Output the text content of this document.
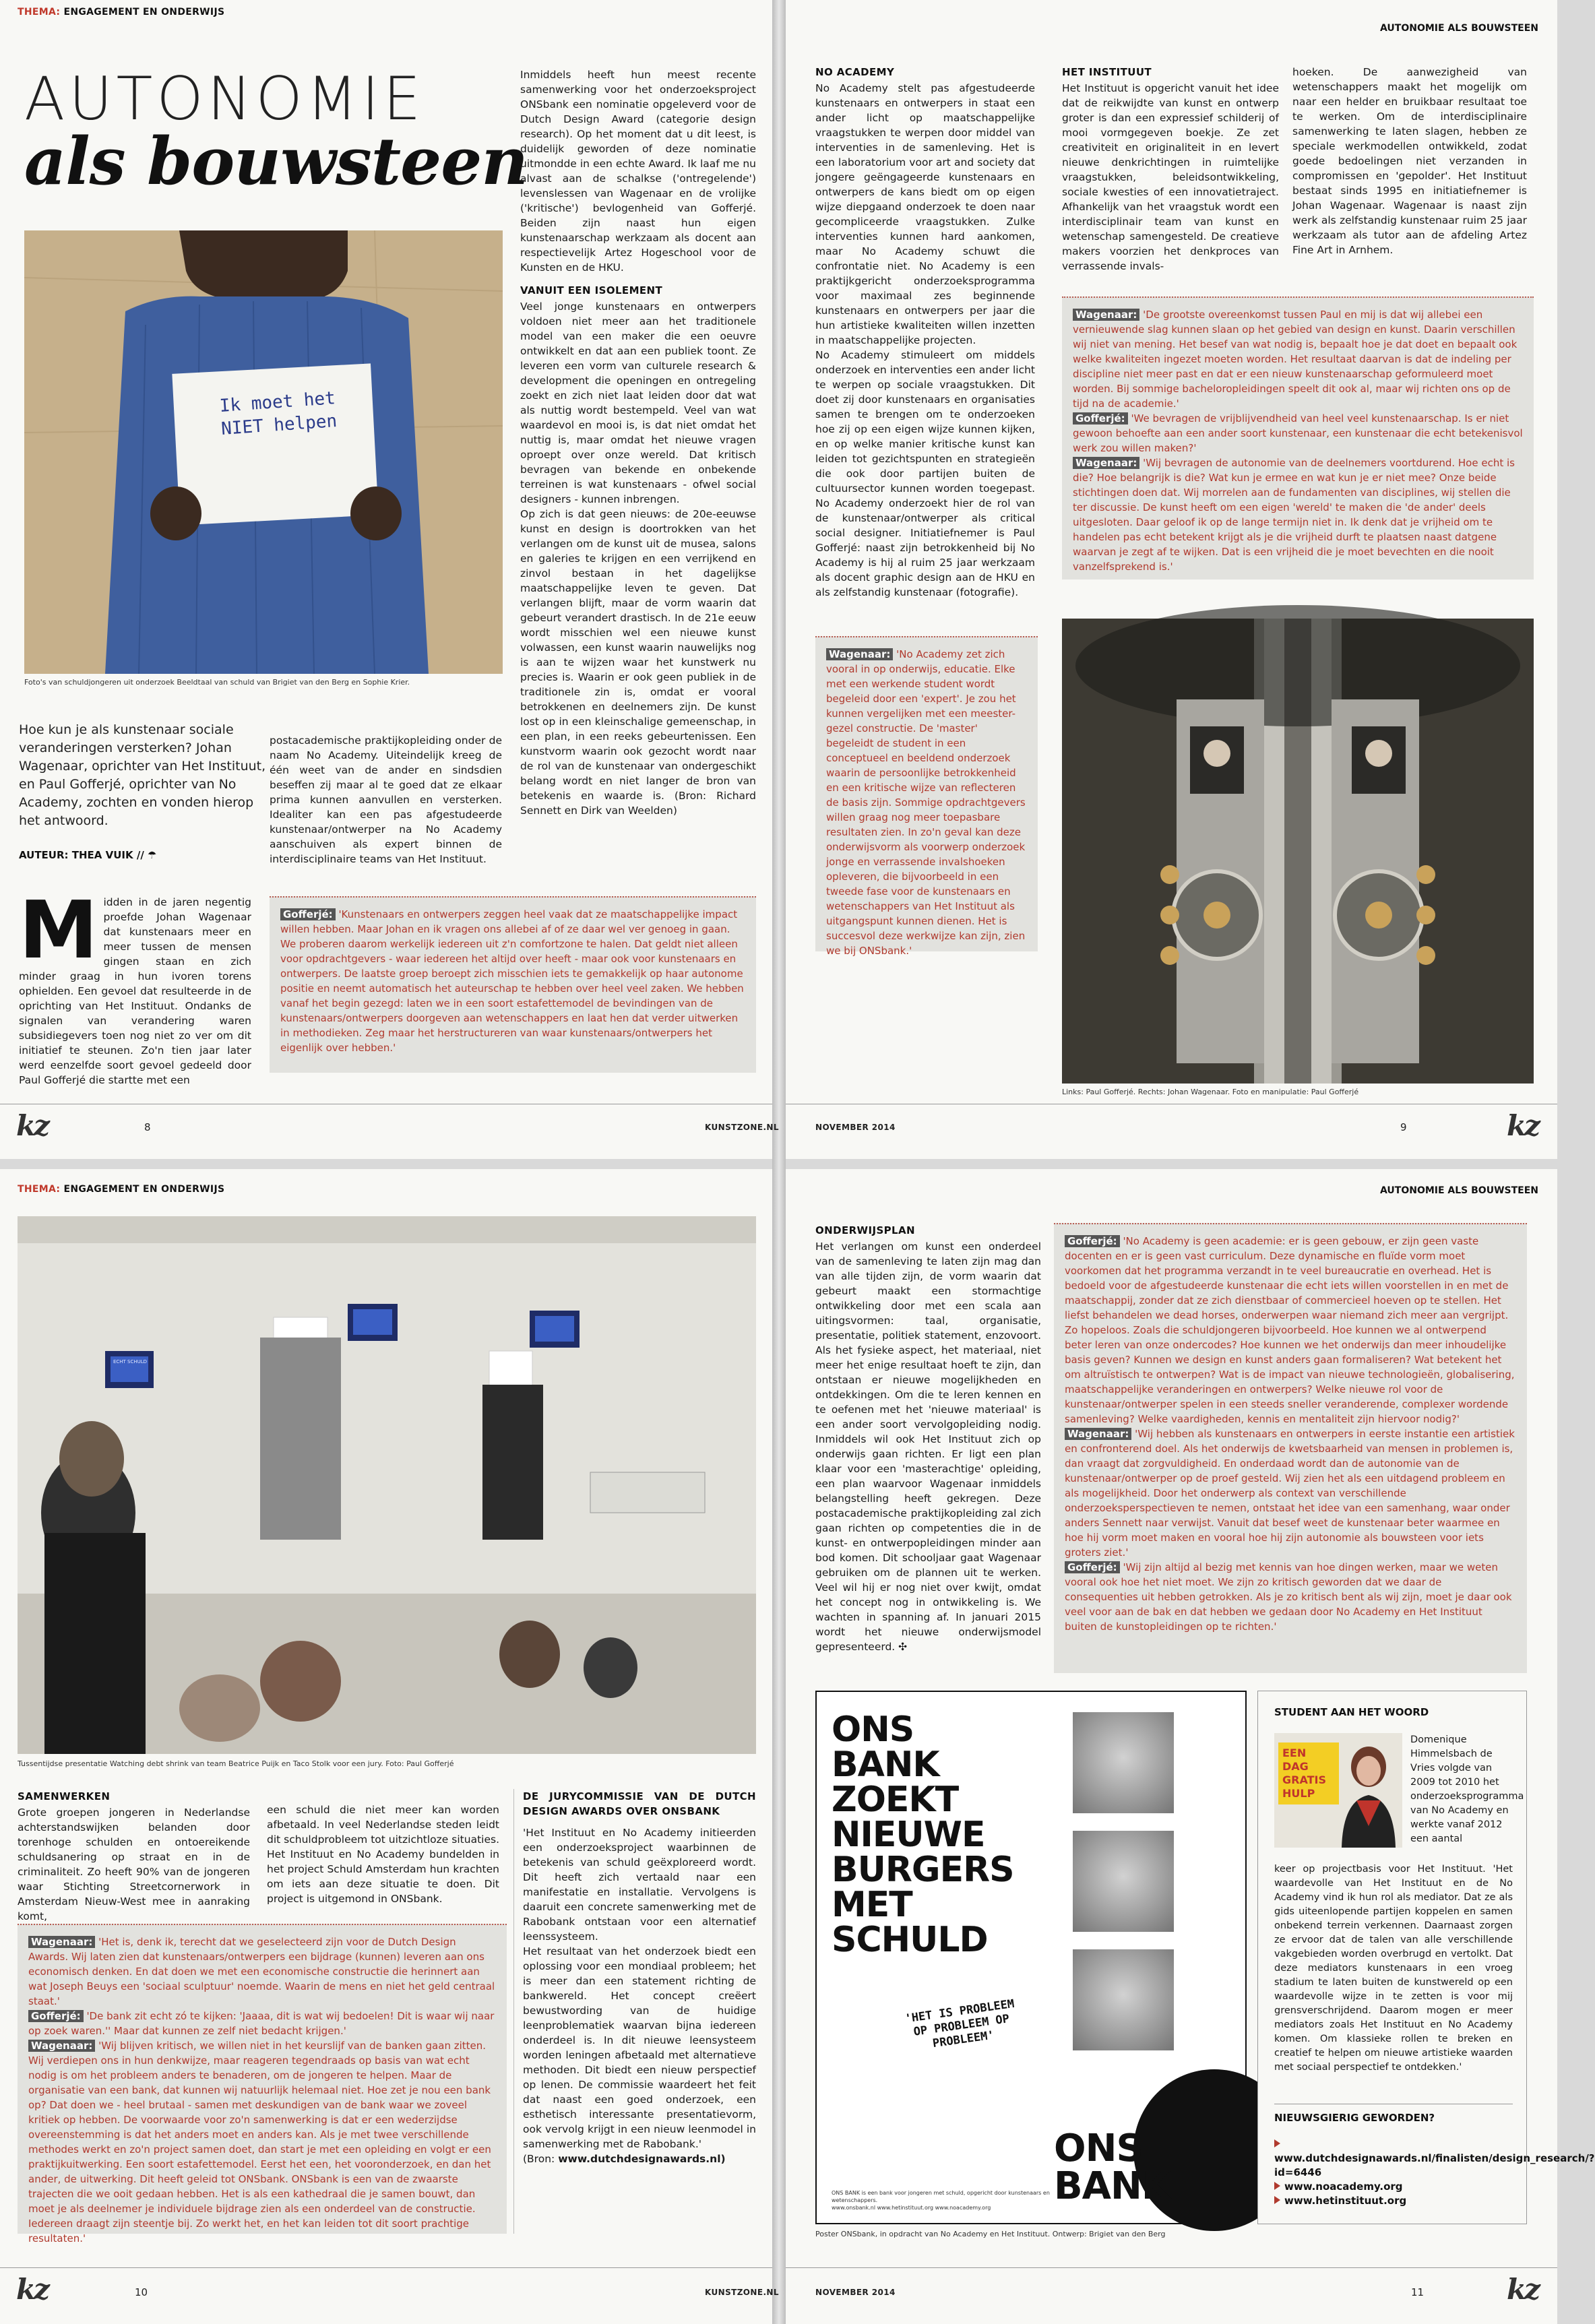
THEMA: ENGAGEMENT EN ONDERWIJS
AUTONOMIE
als bouwsteen
Ik moet het NIET helpen
Foto's van schuldjongeren uit onderzoek Beeldtaal van schuld van Brigiet van den Berg en Sophie Krier.
Hoe kun je als kunstenaar sociale veranderingen versterken? Johan Wagenaar, oprichter van Het Instituut, en Paul Gofferjé, oprichter van No Academy, zochten en vonden hierop het antwoord.
AUTEUR: THEA VUIK // ☂
Midden in de jaren negentig proefde Johan Wagenaar dat kunstenaars meer en meer tussen de mensen gingen staan en zich minder graag in hun ivoren torens ophielden. Een gevoel dat resulteerde in de oprichting van Het Instituut. Ondanks de signalen van verandering waren subsidiegevers toen nog niet zo ver om dit initiatief te steunen. Zo'n tien jaar later werd eenzelfde soort gevoel gedeeld door Paul Gofferjé die startte met een
postacademische praktijkopleiding onder de naam No Academy. Uiteindelijk kreeg de één weet van de ander en sindsdien beseffen zij maar al te goed dat ze elkaar prima kunnen aanvullen en versterken. Idealiter kan een pas afgestudeerde kunstenaar/ontwerper na No Academy aanschuiven als expert binnen de interdisciplinaire teams van Het Instituut.

Inmiddels heeft hun meest recente samenwerking voor het onderzoeksproject ONSbank een nominatie opgeleverd voor de Dutch Design Award (categorie design research). Op het moment dat u dit leest, is duidelijk geworden of deze nominatie uitmondde in een echte Award. Ik laaf me nu alvast aan de schalkse ('ontregelende') levenslessen van Wagenaar en de vrolijke ('kritische') bevlogenheid van Gofferjé. Beiden zijn naast hun eigen kunstenaarschap werkzaam als docent aan respectievelijk Artez Hogeschool voor de Kunsten en de HKU.

VANUIT EEN ISOLEMENT

Veel jonge kunstenaars en ontwerpers voldoen niet meer aan het traditionele model van een maker die een oeuvre ontwikkelt en dat aan een publiek toont. Ze leveren een vorm van culturele research & development die openingen en ontregeling zoekt en zich niet laat leiden door dat wat als nuttig wordt bestempeld. Veel van wat waardevol en mooi is, is dat niet omdat het nuttig is, maar omdat het nieuwe vragen oproept over onze wereld. Dat kritisch bevragen van bekende en onbekende terreinen is wat kunstenaars - ofwel social designers - kunnen inbrengen.

Op zich is dat geen nieuws: de 20e-eeuwse kunst en design is doortrokken van het verlangen om de kunst uit de musea, salons en galeries te krijgen en een verrijkend en zinvol bestaan in het dagelijkse maatschappelijke leven te geven. Dat verlangen blijft, maar de vorm waarin dat gebeurt verandert drastisch. In de 21e eeuw wordt misschien wel een nieuwe kunst volwassen, een kunst waarin nauwelijks nog is aan te wijzen waar het kunstwerk nu precies is. Waarin er ook geen publiek in de traditionele zin is, omdat er vooral betrokkenen en deelnemers zijn. De kunst lost op in een kleinschalige gemeenschap, in een plan, in een reeks gebeurtenissen. Een kunstvorm waarin ook gezocht wordt naar de rol van de kunstenaar van ondergeschikt belang wordt en niet langer de bron van betekenis en waarde is. (Bron: Richard Sennett en Dirk van Weelden)

Gofferjé: 'Kunstenaars en ontwerpers zeggen heel vaak dat ze maatschappelijke impact willen hebben. Maar Johan en ik vragen ons allebei af of ze daar wel ver genoeg in gaan. We proberen daarom werkelijk iedereen uit z'n comfortzone te halen. Dat geldt niet alleen voor opdrachtgevers - waar iedereen het altijd over heeft - maar ook voor kunstenaars en ontwerpers. De laatste groep beroept zich misschien iets te gemakkelijk op haar autonome positie en neemt automatisch het auteurschap te hebben over heel veel zaken. We hebben vanaf het begin gezegd: laten we in een soort estafettemodel de bevindingen van de kunstenaars/ontwerpers doorgeven aan wetenschappers en laat hen dat verder uitwerken in methodieken. Zeg maar het herstructureren van waar kunstenaars/ontwerpers het eigenlijk over hebben.'
kz	8	KUNSTZONE.NL
AUTONOMIE ALS BOUWSTEEN
NO ACADEMY

No Academy stelt pas afgestudeerde kunstenaars en ontwerpers in staat een ander licht op maatschappelijke vraagstukken te werpen door middel van interventies in de samenleving. Het is een laboratorium voor art and society dat jongere geëngageerde kunstenaars en ontwerpers de kans biedt om op eigen wijze diepgaand onderzoek te doen naar gecompliceerde vraagstukken. Zulke interventies kunnen hard aankomen, maar No Academy schuwt die confrontatie niet. No Academy is een praktijkgericht onderzoeksprogramma voor maximaal zes beginnende kunstenaars en ontwerpers per jaar die hun artistieke kwaliteiten willen inzetten in maatschappelijke projecten.

No Academy stimuleert om middels onderzoek en interventies een ander licht te werpen op sociale vraagstukken. Dit doet zij door kunstenaars en organisaties samen te brengen om te onderzoeken hoe zij op een eigen wijze kunnen kijken, en op welke manier kritische kunst kan leiden tot gezichtspunten en strategieën die ook door partijen buiten de cultuursector kunnen worden toegepast. No Academy onderzoekt hier de rol van de kunstenaar/ontwerper als critical social designer. Initiatiefnemer is Paul Gofferjé: naast zijn betrokkenheid bij No Academy is hij al ruim 25 jaar werkzaam als docent graphic design aan de HKU en als zelfstandig kunstenaar (fotografie).

HET INSTITUUT

Het Instituut is opgericht vanuit het idee dat de reikwijdte van kunst en ontwerp groter is dan een expressief schilderij of mooi vormgegeven boekje. Ze zet creativiteit en originaliteit in en levert nieuwe denkrichtingen in ruimtelijke vraagstukken, beleidsontwikkeling, sociale kwesties of een innovatietraject. Afhankelijk van het vraagstuk wordt een interdisciplinair team van kunst en wetenschap samengesteld. De creatieve makers voorzien het denkproces van verrassende invals-

hoeken. De aanwezigheid van wetenschappers maakt het mogelijk om naar een helder en bruikbaar resultaat toe te werken. Om de interdisciplinaire samenwerking te laten slagen, hebben ze speciale werkmodellen ontwikkeld, zodat goede bedoelingen niet verzanden in compromissen en 'gepolder'. Het Instituut bestaat sinds 1995 en initiatiefnemer is Johan Wagenaar. Wagenaar is naast zijn werk als zelfstandig kunstenaar ruim 25 jaar werkzaam als tutor aan de afdeling Artez Fine Art in Arnhem.
Wagenaar: 'De grootste overeenkomst tussen Paul en mij is dat wij allebei een vernieuwende slag kunnen slaan op het gebied van design en kunst. Daarin verschillen wij niet van mening. Het besef van wat nodig is, bepaalt hoe je dat doet en bepaalt ook welke kwaliteiten ingezet moeten worden. Het resultaat daarvan is dat de indeling per discipline niet meer past en dat er een nieuw kunstenaarschap geformuleerd moet worden. Bij sommige bacheloropleidingen speelt dit ook al, maar wij richten ons op de tijd na de academie.'
Gofferjé: 'We bevragen de vrijblijvendheid van heel veel kunstenaarschap. Is er niet gewoon behoefte aan een ander soort kunstenaar, een kunstenaar die echt betekenisvol werk zou willen maken?'
Wagenaar: 'Wij bevragen de autonomie van de deelnemers voortdurend. Hoe echt is die? Hoe belangrijk is die? Wat kun je ermee en wat kun je er niet mee? Onze beide stichtingen doen dat. Wij morrelen aan de fundamenten van disciplines, wij stellen die ter discussie. De kunst heeft om een eigen 'wereld' te maken die 'de ander' deels uitgesloten. Daar geloof ik op de lange termijn niet in. Ik denk dat je vrijheid om te handelen pas echt betekent krijgt als je die vrijheid durft te plaatsen naast datgene waarvan je zegt af te wijken. Dat is een vrijheid die je moet bevechten en die nooit vanzelfsprekend is.'
Wagenaar: 'No Academy zet zich vooral in op onderwijs, educatie. Elke met een werkende student wordt begeleid door een 'expert'. Je zou het kunnen vergelijken met een meester-gezel constructie. De 'master' begeleidt de student in een conceptueel en beeldend onderzoek waarin de persoonlijke betrokkenheid en een kritische wijze van reflecteren de basis zijn. Sommige opdrachtgevers willen graag nog meer toepasbare resultaten zien. In zo'n geval kan deze onderwijsvorm als voorwerp onderzoek jonge en verrassende invalshoeken opleveren, die bijvoorbeeld in een tweede fase voor de kunstenaars en wetenschappers van Het Instituut als uitgangspunt kunnen dienen. Het is succesvol deze werkwijze kan zijn, zien we bij ONSbank.'
Links: Paul Gofferjé. Rechts: Johan Wagenaar. Foto en manipulatie: Paul Gofferjé
NOVEMBER 2014	9	kz
THEMA: ENGAGEMENT EN ONDERWIJS
ECHT SCHULD
Tussentijdse presentatie Watching debt shrink van team Beatrice Puijk en Taco Stolk voor een jury. Foto: Paul Gofferjé
SAMENWERKEN

Grote groepen jongeren in Nederlandse achterstandswijken belanden door torenhoge schulden en ontoereikende schuldsanering op straat en in de criminaliteit. Zo heeft 90% van de jongeren waar Stichting Streetcornerwork in Amsterdam Nieuw-West mee in aanraking komt,

een schuld die niet meer kan worden afbetaald. In veel Nederlandse steden leidt dit schuldprobleem tot uitzichtloze situaties. Het Instituut en No Academy bundelden in het project Schuld Amsterdam hun krachten om iets aan deze situatie te doen. Dit project is uitgemond in ONSbank.
DE JURYCOMMISSIE VAN DE DUTCH DESIGN AWARDS OVER ONSBANK

'Het Instituut en No Academy initieerden een onderzoeksproject waarbinnen de betekenis van schuld geëxploreerd wordt. Dit heeft zich vertaald naar een manifestatie en installatie. Vervolgens is daaruit een concrete samenwerking met de Rabobank ontstaan voor een alternatief leenssysteem.

Het resultaat van het onderzoek biedt een oplossing voor een mondiaal probleem; het is meer dan een statement richting de bankwereld. Het concept creëert bewustwording van de huidige leenproblematiek waarvan bijna iedereen onderdeel is. In dit nieuwe leensysteem worden leningen afbetaald met alternatieve methoden. Dit biedt een nieuw perspectief op lenen. De commissie waardeert het feit dat naast een goed onderzoek, een esthetisch interessante presentatievorm, ook vervolg krijgt in een nieuw leenmodel in samenwerking met de Rabobank.'

(Bron: www.dutchdesignawards.nl)

Wagenaar: 'Het is, denk ik, terecht dat we geselecteerd zijn voor de Dutch Design Awards. Wij laten zien dat kunstenaars/ontwerpers een bijdrage (kunnen) leveren aan ons economisch denken. En dat doen we met een economische constructie die herinnert aan wat Joseph Beuys een 'sociaal sculptuur' noemde. Waarin de mens en niet het geld centraal staat.'
Gofferjé: 'De bank zit echt zó te kijken: 'Jaaaa, dit is wat wij bedoelen! Dit is waar wij naar op zoek waren.'' Maar dat kunnen ze zelf niet bedacht krijgen.'
Wagenaar: 'Wij blijven kritisch, we willen niet in het keurslijf van de banken gaan zitten. Wij verdiepen ons in hun denkwijze, maar reageren tegendraads op basis van wat echt nodig is om het probleem anders te benaderen, om de jongeren te helpen. Maar de organisatie van een bank, dat kunnen wij natuurlijk helemaal niet. Hoe zet je nou een bank op? Dat doen we - heel brutaal - samen met deskundigen van de bank waar we zoveel kritiek op hebben. De voorwaarde voor zo'n samenwerking is dat er een wederzijdse overeenstemming is dat het anders moet en anders kan. Als je met twee verschillende methodes werkt en zo'n project samen doet, dan start je met een opleiding en volgt er een praktijkuitwerking. Een soort estafettemodel. Eerst het een, het vooronderzoek, en dan het ander, de uitwerking. Dit heeft geleid tot ONSbank. ONSbank is een van de zwaarste trajecten die we ooit gedaan hebben. Het is als een kathedraal die je samen bouwt, dan moet je als deelnemer je individuele bijdrage zien als een onderdeel van de constructie. Iedereen draagt zijn steentje bij. Zo werkt het, en het kan leiden tot dit soort prachtige resultaten.'
kz	10	KUNSTZONE.NL
AUTONOMIE ALS BOUWSTEEN
ONDERWIJSPLAN

Het verlangen om kunst een onderdeel van de samenleving te laten zijn mag dan van alle tijden zijn, de vorm waarin dat gebeurt maakt een stormachtige ontwikkeling door met een scala aan uitingsvormen: taal, organisatie, presentatie, politiek statement, enzovoort. Als het fysieke aspect, het materiaal, niet meer het enige resultaat hoeft te zijn, dan ontstaan er nieuwe mogelijkheden en ontdekkingen. Om die te leren kennen en te oefenen met het 'nieuwe materiaal' is een ander soort vervolgopleiding nodig. Inmiddels wil ook Het Instituut zich op onderwijs gaan richten. Er ligt een plan klaar voor een 'masterachtige' opleiding, een plan waarvoor Wagenaar inmiddels belangstelling heeft gekregen. Deze postacademische praktijkopleiding zal zich gaan richten op competenties die in de kunst- en ontwerpopleidingen minder aan bod komen. Dit schooljaar gaat Wagenaar gebruiken om de plannen uit te werken. Veel wil hij er nog niet over kwijt, omdat het concept nog in ontwikkeling is. We wachten in spanning af. In januari 2015 wordt het nieuwe onderwijsmodel gepresenteerd. ✣

Gofferjé: 'No Academy is geen academie: er is geen gebouw, er zijn geen vaste docenten en er is geen vast curriculum. Deze dynamische en fluïde vorm moet voorkomen dat het programma verzandt in te veel bureaucratie en overhead. Het is bedoeld voor de afgestudeerde kunstenaar die echt iets willen voorstellen in en met de maatschappij, zonder dat ze zich dienstbaar of commercieel hoeven op te stellen. Het liefst behandelen we dead horses, onderwerpen waar niemand zich meer aan vergrijpt. Zo hopeloos. Zoals die schuldjongeren bijvoorbeeld. Hoe kunnen we al ontwerpend beter leren van onze ondercodes? Hoe kunnen we het onderwijs dan meer inhoudelijke basis geven? Kunnen we design en kunst anders gaan formaliseren? Wat betekent het om altruïstisch te ontwerpen? Wat is de impact van nieuwe technologieën, globalisering, maatschappelijke veranderingen en ontwerpers? Welke nieuwe rol voor de kunstenaar/ontwerper spelen in een steeds sneller veranderende, complexer wordende samenleving? Welke vaardigheden, kennis en mentaliteit zijn hiervoor nodig?'
Wagenaar: 'Wij hebben als kunstenaars en ontwerpers in eerste instantie een artistiek en confronterend doel. Als het onderwijs de kwetsbaarheid van mensen in problemen is, dan vraagt dat zorgvuldigheid. En onderdaad wordt dan de autonomie van de kunstenaar/ontwerper op de proef gesteld. Wij zien het als een uitdagend probleem en als mogelijkheid. Door het onderwerp als context van verschillende onderzoeksperspectieven te nemen, ontstaat het idee van een samenhang, waar onder anders Sennett naar verwijst. Vanuit dat besef weet de kunstenaar beter waarmee en hoe hij vorm moet maken en vooral hoe hij zijn autonomie als bouwsteen voor iets groters ziet.'
Gofferjé: 'Wij zijn altijd al bezig met kennis van hoe dingen werken, maar we weten vooral ook hoe het niet moet. We zijn zo kritisch geworden dat we daar de consequenties uit hebben getrokken. Als je zo kritisch bent als wij zijn, moet je daar ook veel voor aan de bak en dat hebben we gedaan door No Academy en Het Instituut buiten de kunstopleidingen op te richten.'
ONS
BANK
ZOEKT
NIEUWE
BURGERS
MET
SCHULD
'HET IS PROBLEEM OP PROBLEEM OP PROBLEEM'
ONS
BANK
ONS BANK is een bank voor jongeren met schuld, opgericht door kunstenaars en wetenschappers.
www.onsbank.nl www.hetinstituut.org www.noacademy.org
Poster ONSbank, in opdracht van No Academy en Het Instituut. Ontwerp: Brigiet van den Berg
STUDENT AAN HET WOORD
EEN DAG GRATIS HULP
Domenique Himmelsbach de Vries volgde van 2009 tot 2010 het onderzoeksprogramma van No Academy en werkte vanaf 2012 een aantal
keer op projectbasis voor Het Instituut. 'Het waardevolle van Het Instituut en de No Academy vind ik hun rol als mediator. Dat ze als gids uiteenlopende partijen koppelen en samen onbekend terrein verkennen. Daarnaast zorgen ze ervoor dat de talen van alle verschillende vakgebieden worden overbrugd en vertolkt. Dat deze mediators kunstenaars in een vroeg stadium te laten buiten de kunstwereld op een waardevolle wijze in te zetten is voor mij grensverschrijdend. Daarom mogen er meer mediators zoals Het Instituut en No Academy komen. Om klassieke rollen te breken en creatief te helpen om nieuwe artistieke waarden met sociaal perspectief te ontdekken.'
NIEUWSGIERIG GEWORDEN?
www.dutchdesignawards.nl/finalisten/design_research/?id=6446
www.noacademy.org
www.hetinstituut.org
NOVEMBER 2014	11	kz
